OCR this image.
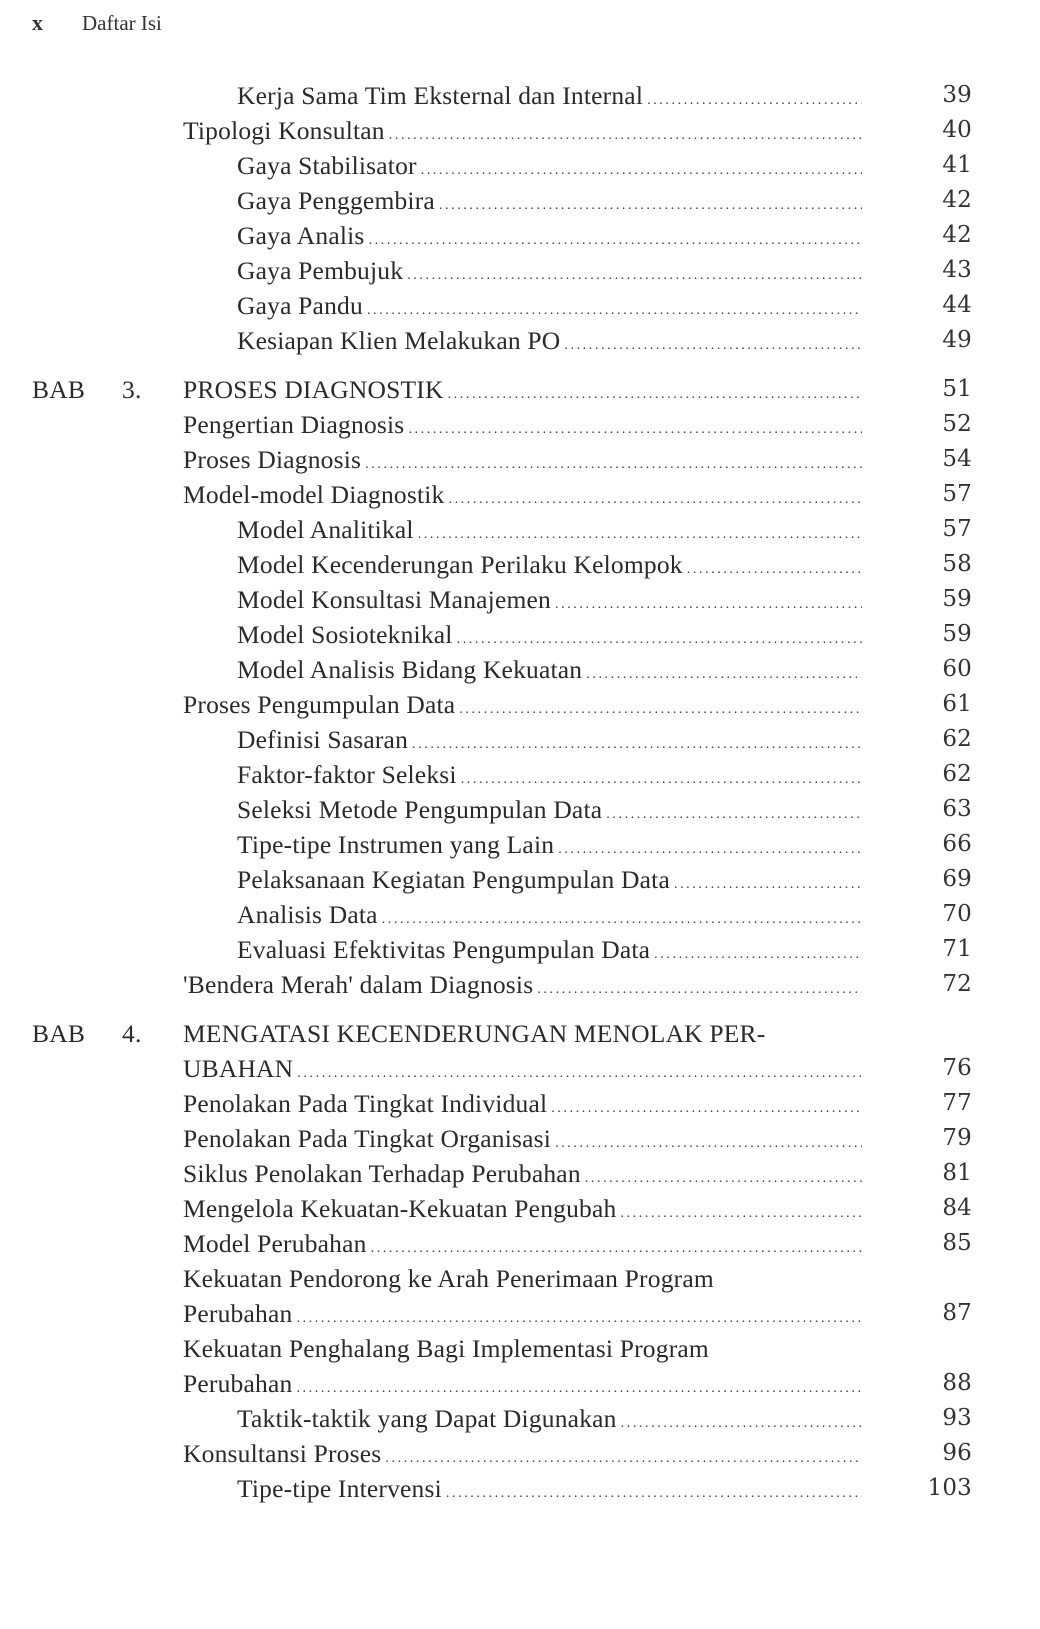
x	Daftar Isi
Kerja Sama Tim Eksternal dan Internal .....	39
Tipologi Konsultan .....	40
Gaya Stabilisator .....	41
Gaya Penggembira .....	42
Gaya Analis .....	42
Gaya Pembujuk .....	43
Gaya Pandu .....	44
Kesiapan Klien Melakukan PO .....	49
BAB 3. PROSES DIAGNOSTIK .....	51
Pengertian Diagnosis .....	52
Proses Diagnosis .....	54
Model-model Diagnostik .....	57
Model Analitikal .....	57
Model Kecenderungan Perilaku Kelompok .....	58
Model Konsultasi Manajemen .....	59
Model Sosioteknikal .....	59
Model Analisis Bidang Kekuatan .....	60
Proses Pengumpulan Data .....	61
Definisi Sasaran .....	62
Faktor-faktor Seleksi .....	62
Seleksi Metode Pengumpulan Data .....	63
Tipe-tipe Instrumen yang Lain .....	66
Pelaksanaan Kegiatan Pengumpulan Data .....	69
Analisis Data .....	70
Evaluasi Efektivitas Pengumpulan Data .....	71
'Bendera Merah' dalam Diagnosis .....	72
BAB 4. MENGATASI KECENDERUNGAN MENOLAK PER-
UBAHAN .....	76
Penolakan Pada Tingkat Individual .....	77
Penolakan Pada Tingkat Organisasi .....	79
Siklus Penolakan Terhadap Perubahan .....	81
Mengelola Kekuatan-Kekuatan Pengubah .....	84
Model Perubahan .....	85
Kekuatan Pendorong ke Arah Penerimaan Program
Perubahan .....	87
Kekuatan Penghalang Bagi Implementasi Program
Perubahan .....	88
Taktik-taktik yang Dapat Digunakan .....	93
Konsultansi Proses .....	96
Tipe-tipe Intervensi .....	103
